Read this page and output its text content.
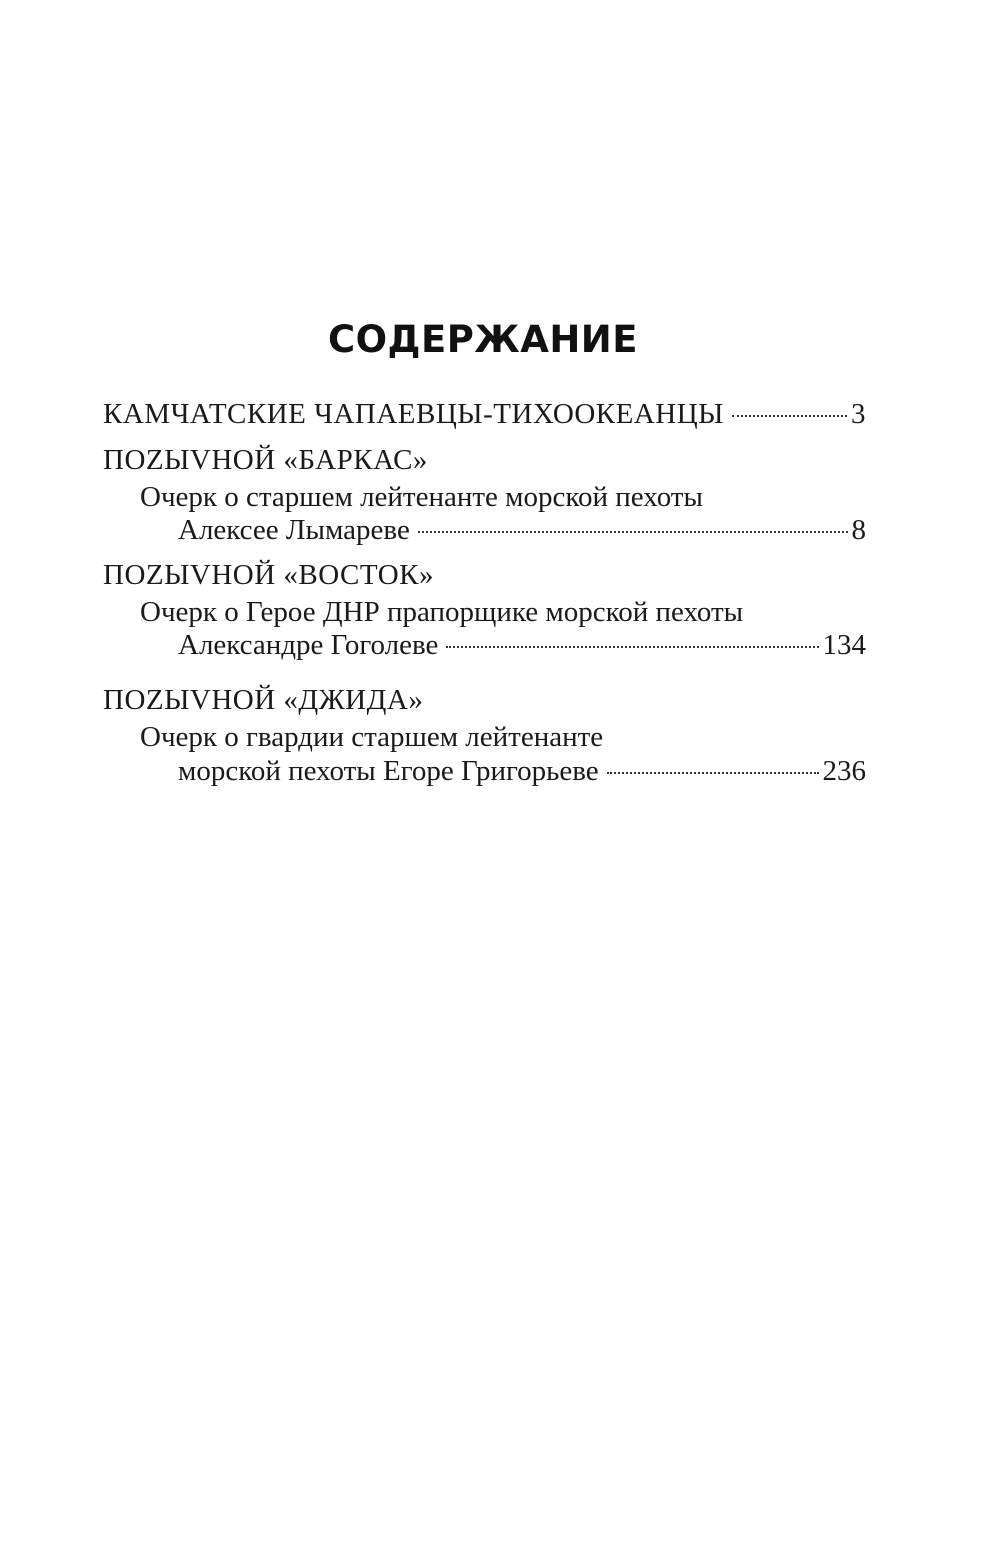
СОДЕРЖАНИЕ
КАМЧАТСКИЕ ЧАПАЕВЦЫ-ТИХООКЕАНЦЫ	3
ПОZЫVНОЙ «БАРКАС»
Очерк о старшем лейтенанте морской пехоты
Алексее Лымареве	8
ПОZЫVНОЙ «ВОСТОК»
Очерк о Герое ДНР прапорщике морской пехоты
Александре Гоголеве	134
ПОZЫVНОЙ «ДЖИДА»
Очерк о гвардии старшем лейтенанте
морской пехоты Егоре Григорьеве	236
